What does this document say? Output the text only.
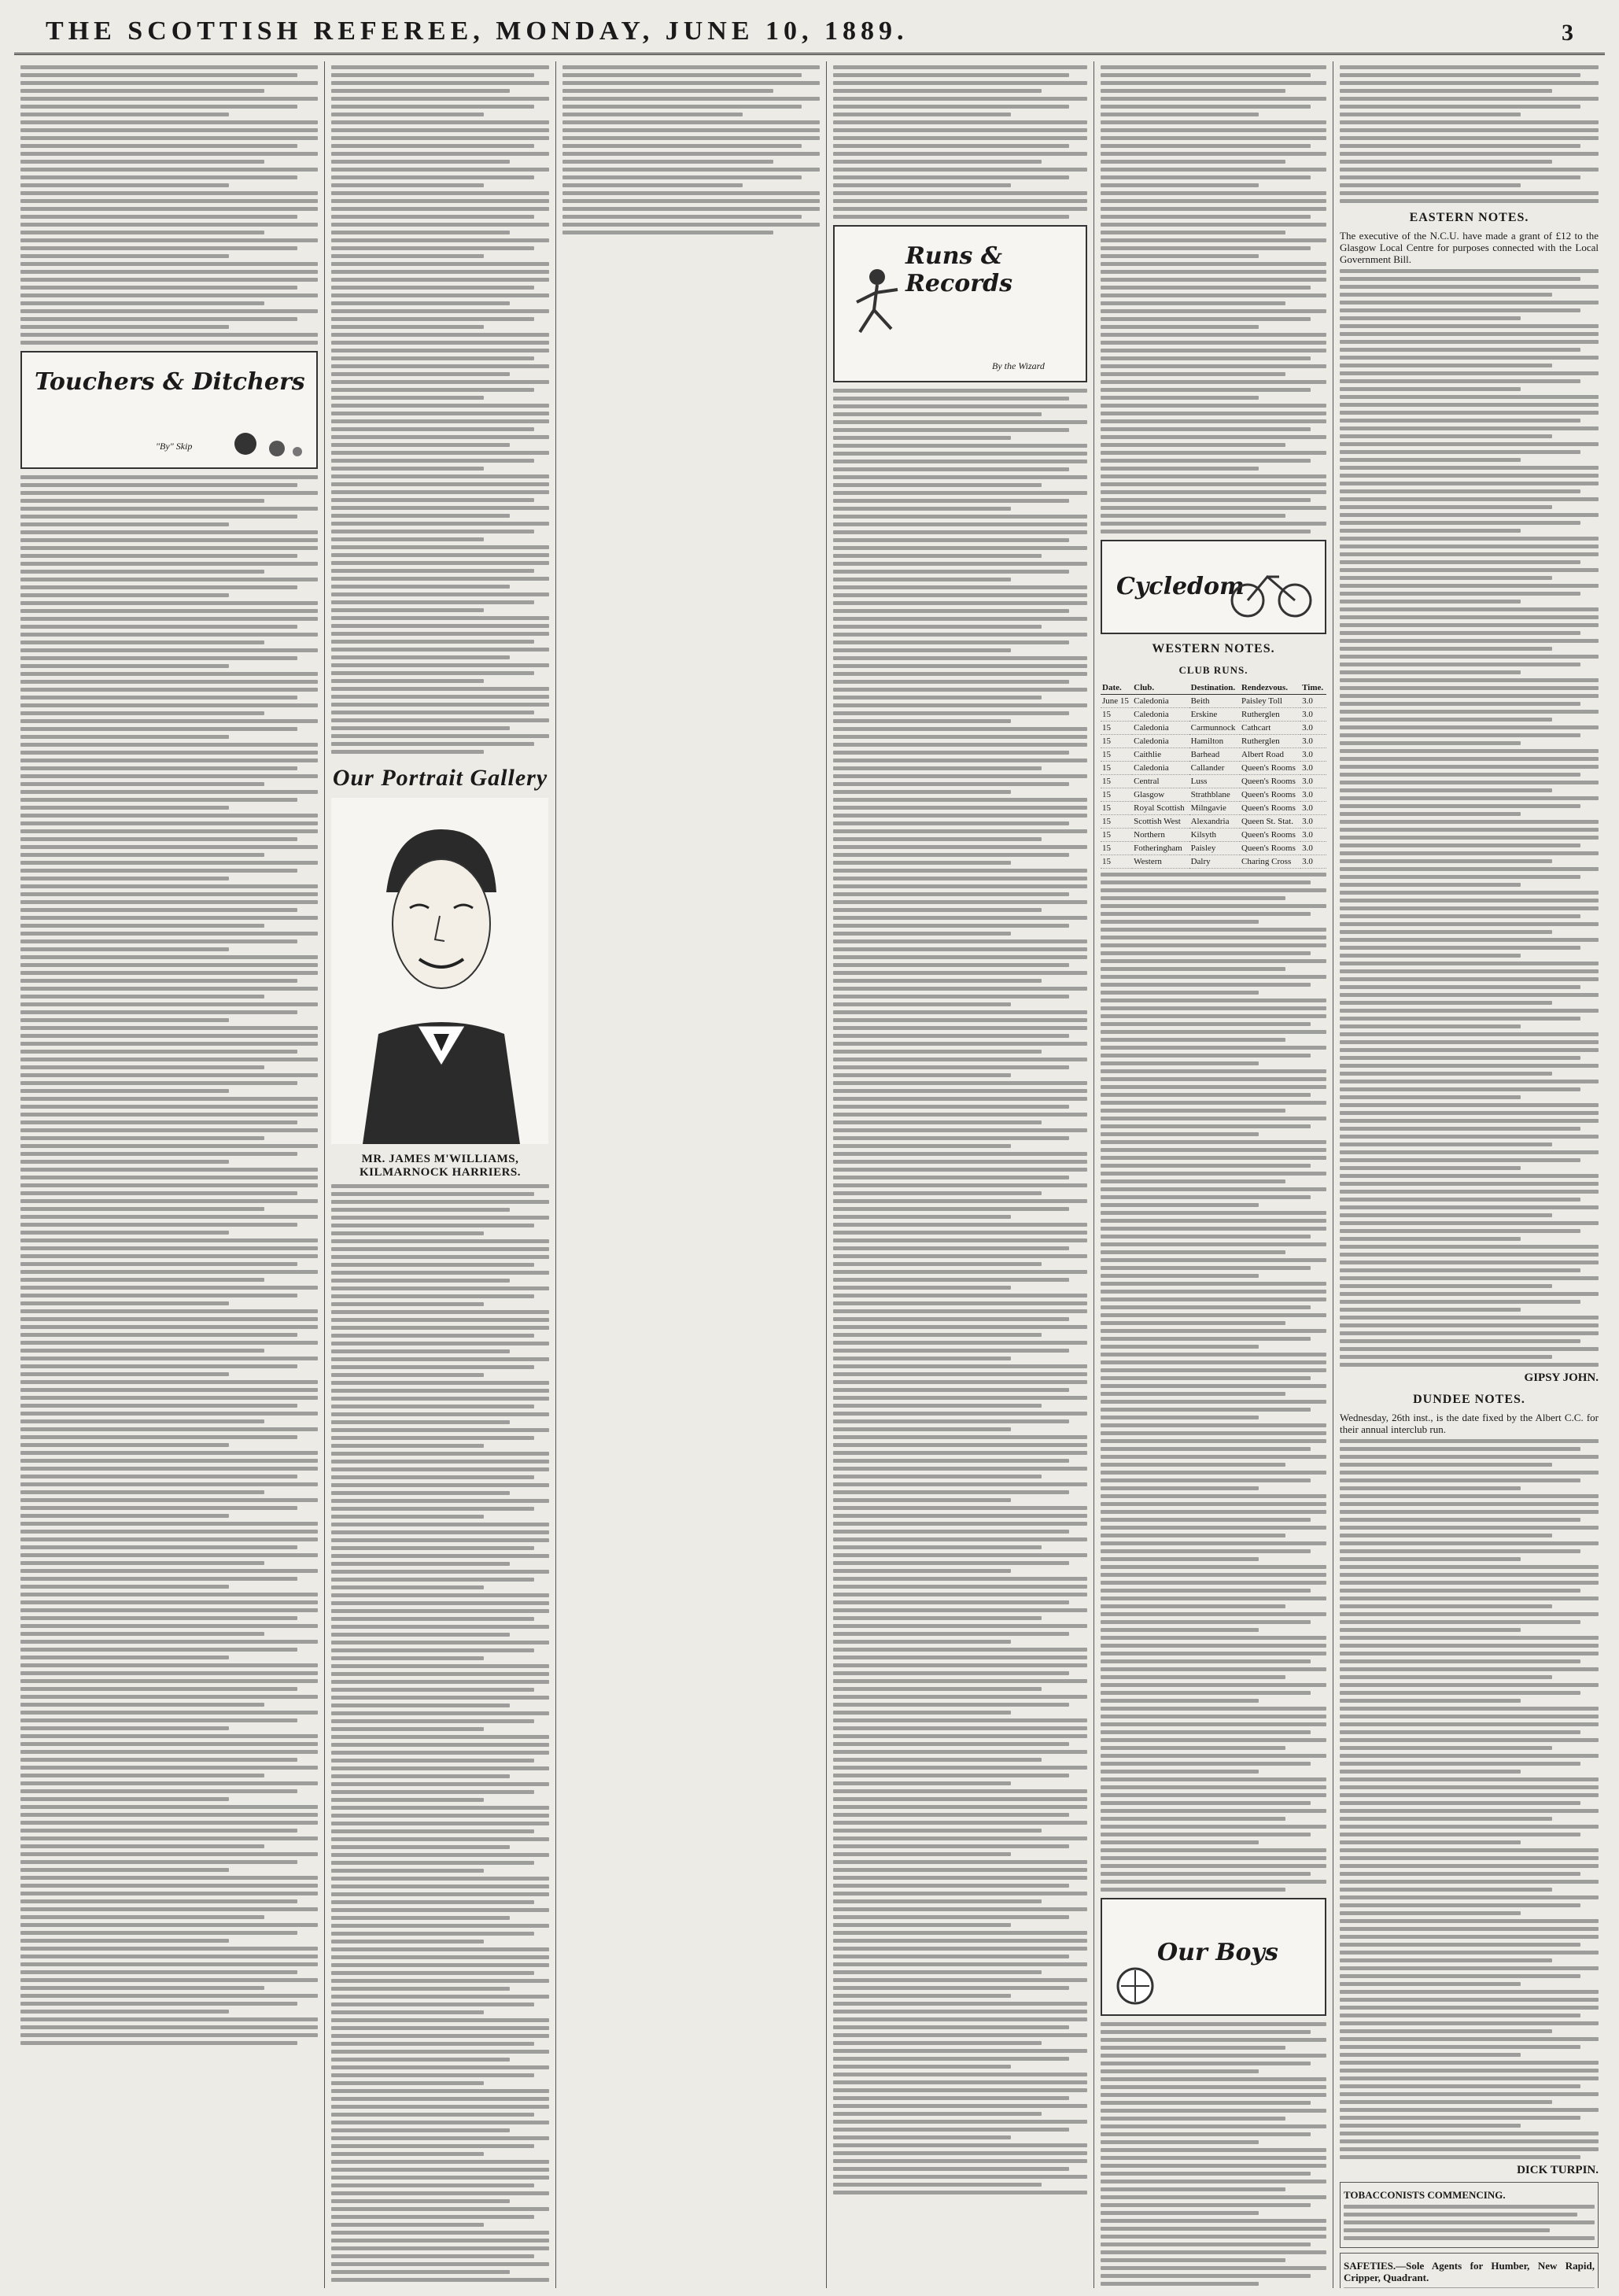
THE SCOTTISH REFEREE, MONDAY, JUNE 10, 1889.	3
Touchers & Ditchers
"By" Skip
Our Portrait Gallery
MR. JAMES M'WILLIAMS, KILMARNOCK HARRIERS.
Runs & Records
By the Wizard
Cycledom
WESTERN NOTES.
CLUB RUNS.
Date.	Club.	Destination.	Rendezvous.	Time.
June 15	Caledonia	Beith	Paisley Toll	3.0
15	Caledonia	Erskine	Rutherglen	3.0
15	Caledonia	Carmunnock	Cathcart	3.0
15	Caledonia	Hamilton	Rutherglen	3.0
15	Caithlie	Barhead	Albert Road	3.0
15	Caledonia	Callander	Queen's Rooms	3.0
15	Central	Luss	Queen's Rooms	3.0
15	Glasgow	Strathblane	Queen's Rooms	3.0
15	Royal Scottish	Milngavie	Queen's Rooms	3.0
15	Scottish West	Alexandria	Queen St. Stat.	3.0
15	Northern	Kilsyth	Queen's Rooms	3.0
15	Fotheringham	Paisley	Queen's Rooms	3.0
15	Western	Dalry	Charing Cross	3.0
Our Boys
EASTERN NOTES.
The executive of the N.C.U. have made a grant of £12 to the Glasgow Local Centre for purposes connected with the Local Government Bill.
GIPSY JOHN.
DUNDEE NOTES.
Wednesday, 26th inst., is the date fixed by the Albert C.C. for their annual interclub run.
DICK TURPIN.
TOBACCONISTS COMMENCING.
SAFETIES.—Sole Agents for Humber, New Rapid, Cripper, Quadrant.
